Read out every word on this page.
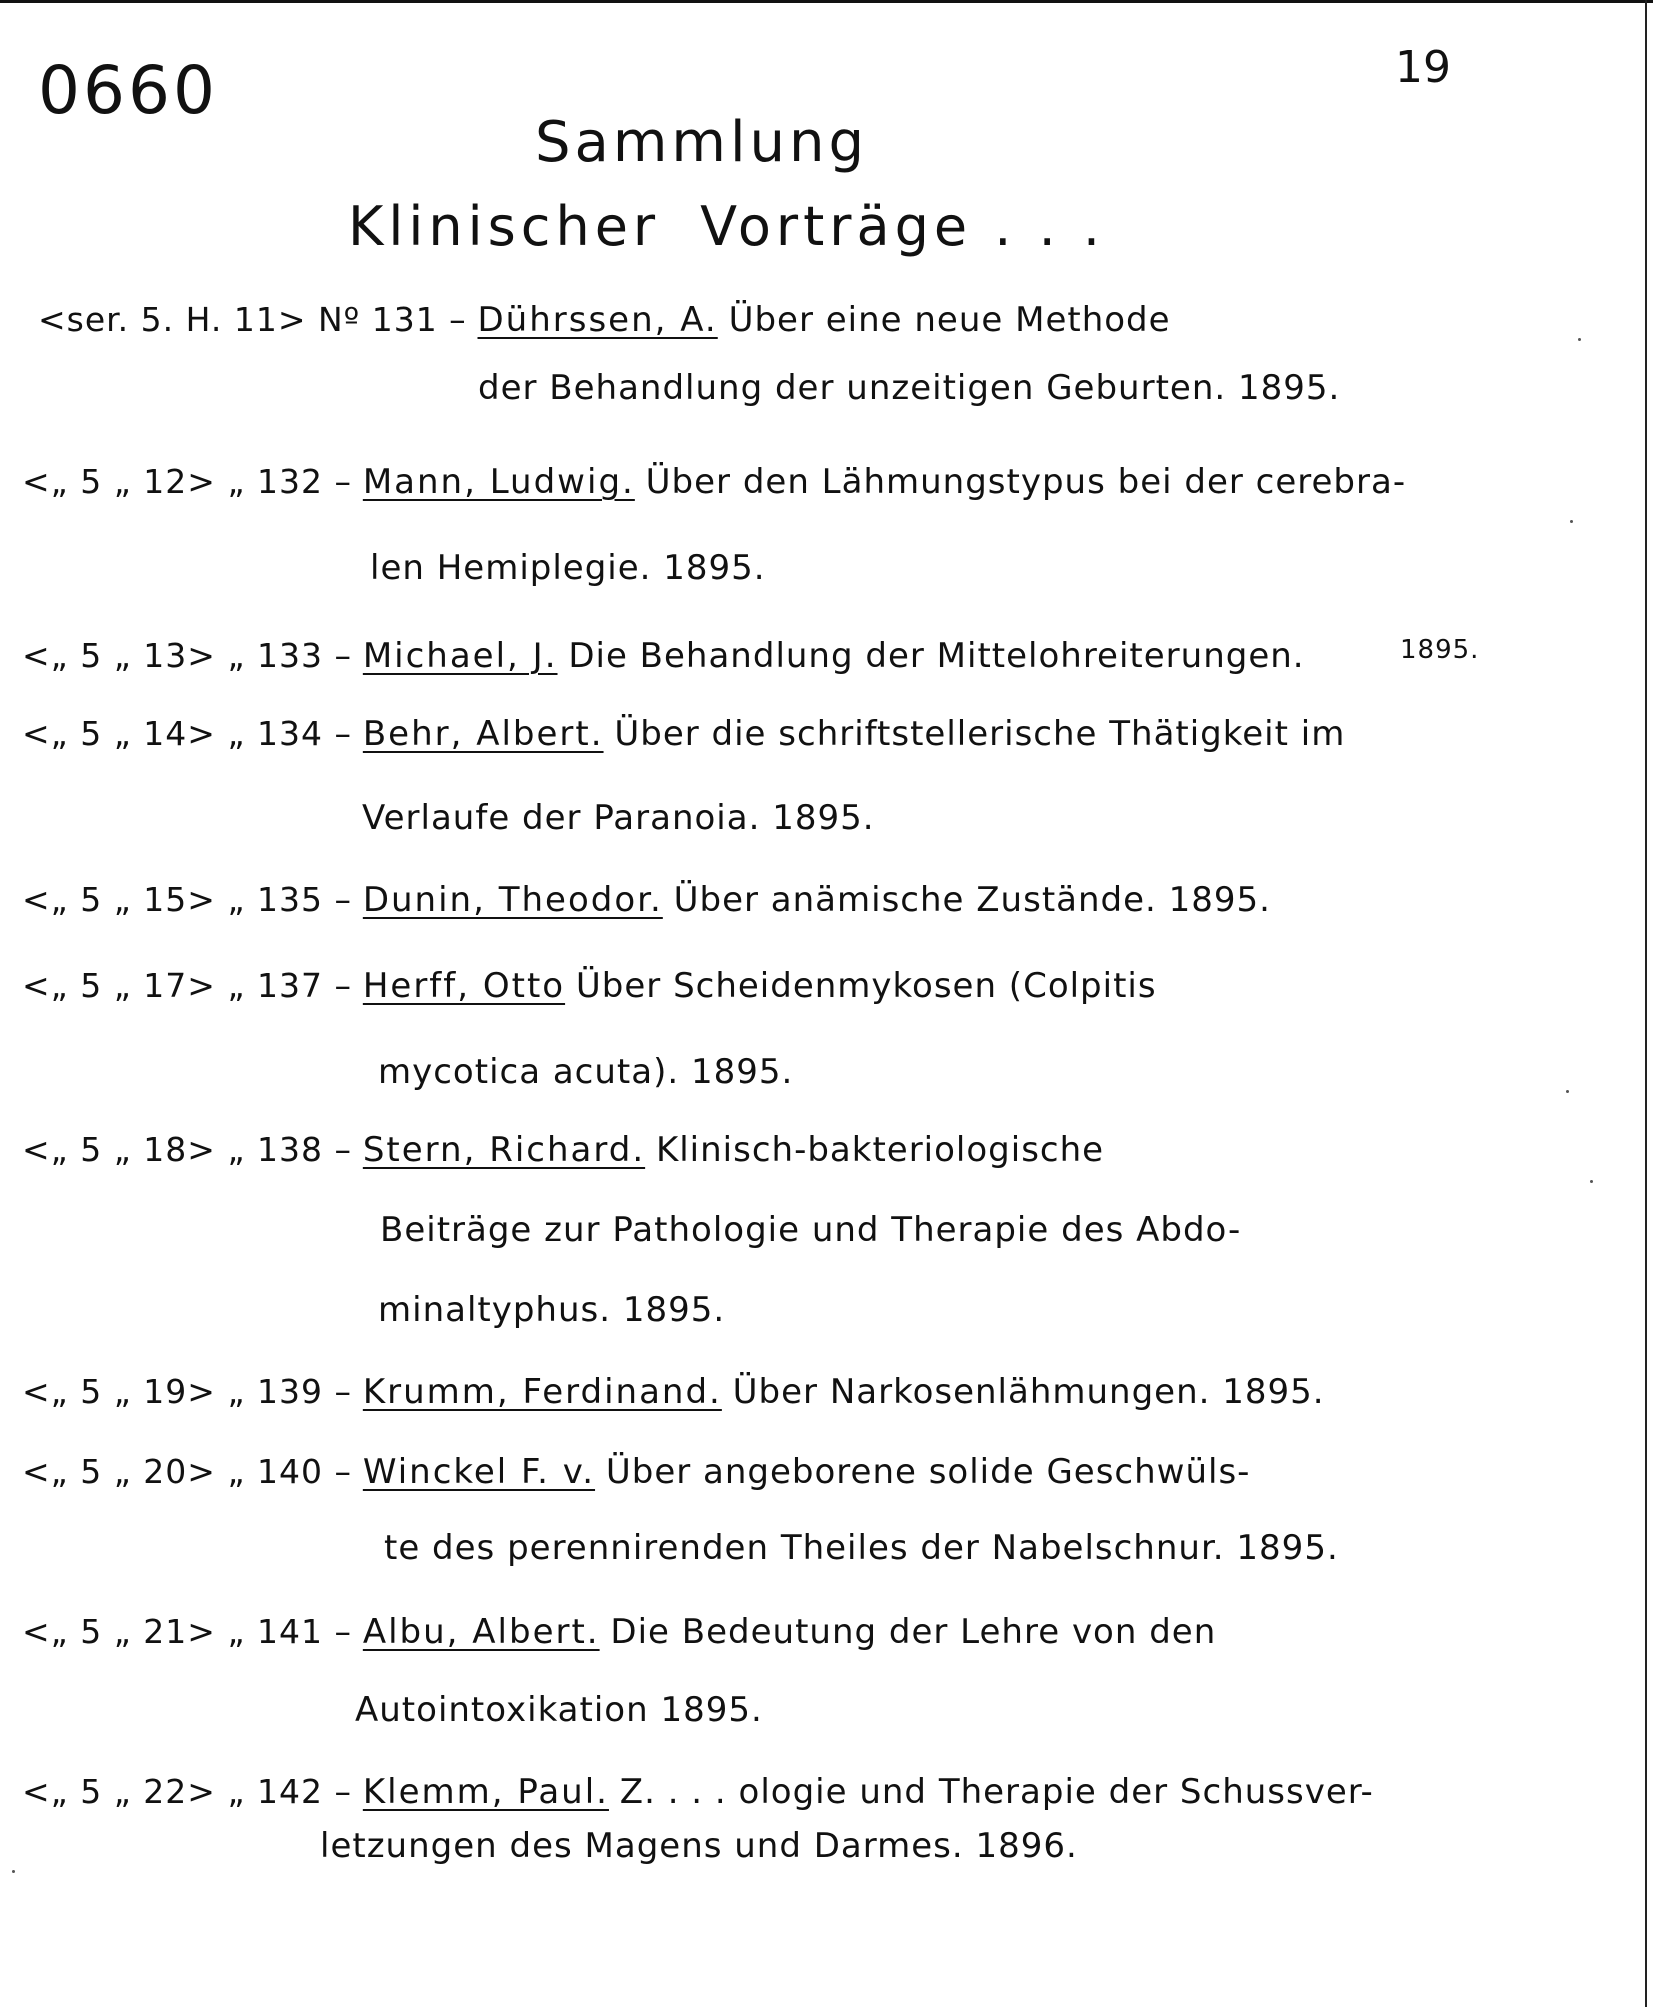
0660	19
Sammlung
Klinischer Vorträge . . .
<ser. 5. H. 11> Nº 131 – Dührssen, A. Über eine neue Methode
der Behandlung der unzeitigen Geburten. 1895.
<„ 5 „ 12> „ 132 – Mann, Ludwig. Über den Lähmungstypus bei der cerebra-
len Hemiplegie. 1895.
<„ 5 „ 13> „ 133 – Michael, J. Die Behandlung der Mittelohreiterungen.	1895.
<„ 5 „ 14> „ 134 – Behr, Albert. Über die schriftstellerische Thätigkeit im
Verlaufe der Paranoia. 1895.
<„ 5 „ 15> „ 135 – Dunin, Theodor. Über anämische Zustände. 1895.
<„ 5 „ 17> „ 137 – Herff, Otto Über Scheidenmykosen (Colpitis
mycotica acuta). 1895.
<„ 5 „ 18> „ 138 – Stern, Richard. Klinisch-bakteriologische
Beiträge zur Pathologie und Therapie des Abdo-
minaltyphus. 1895.
<„ 5 „ 19> „ 139 – Krumm, Ferdinand. Über Narkosenlähmungen. 1895.
<„ 5 „ 20> „ 140 – Winckel F. v. Über angeborene solide Geschwüls-
te des perennirenden Theiles der Nabelschnur. 1895.
<„ 5 „ 21> „ 141 – Albu, Albert. Die Bedeutung der Lehre von den
Autointoxikation 1895.
<„ 5 „ 22> „ 142 – Klemm, Paul. Z. . . . ologie und Therapie der Schussver-
letzungen des Magens und Darmes. 1896.
